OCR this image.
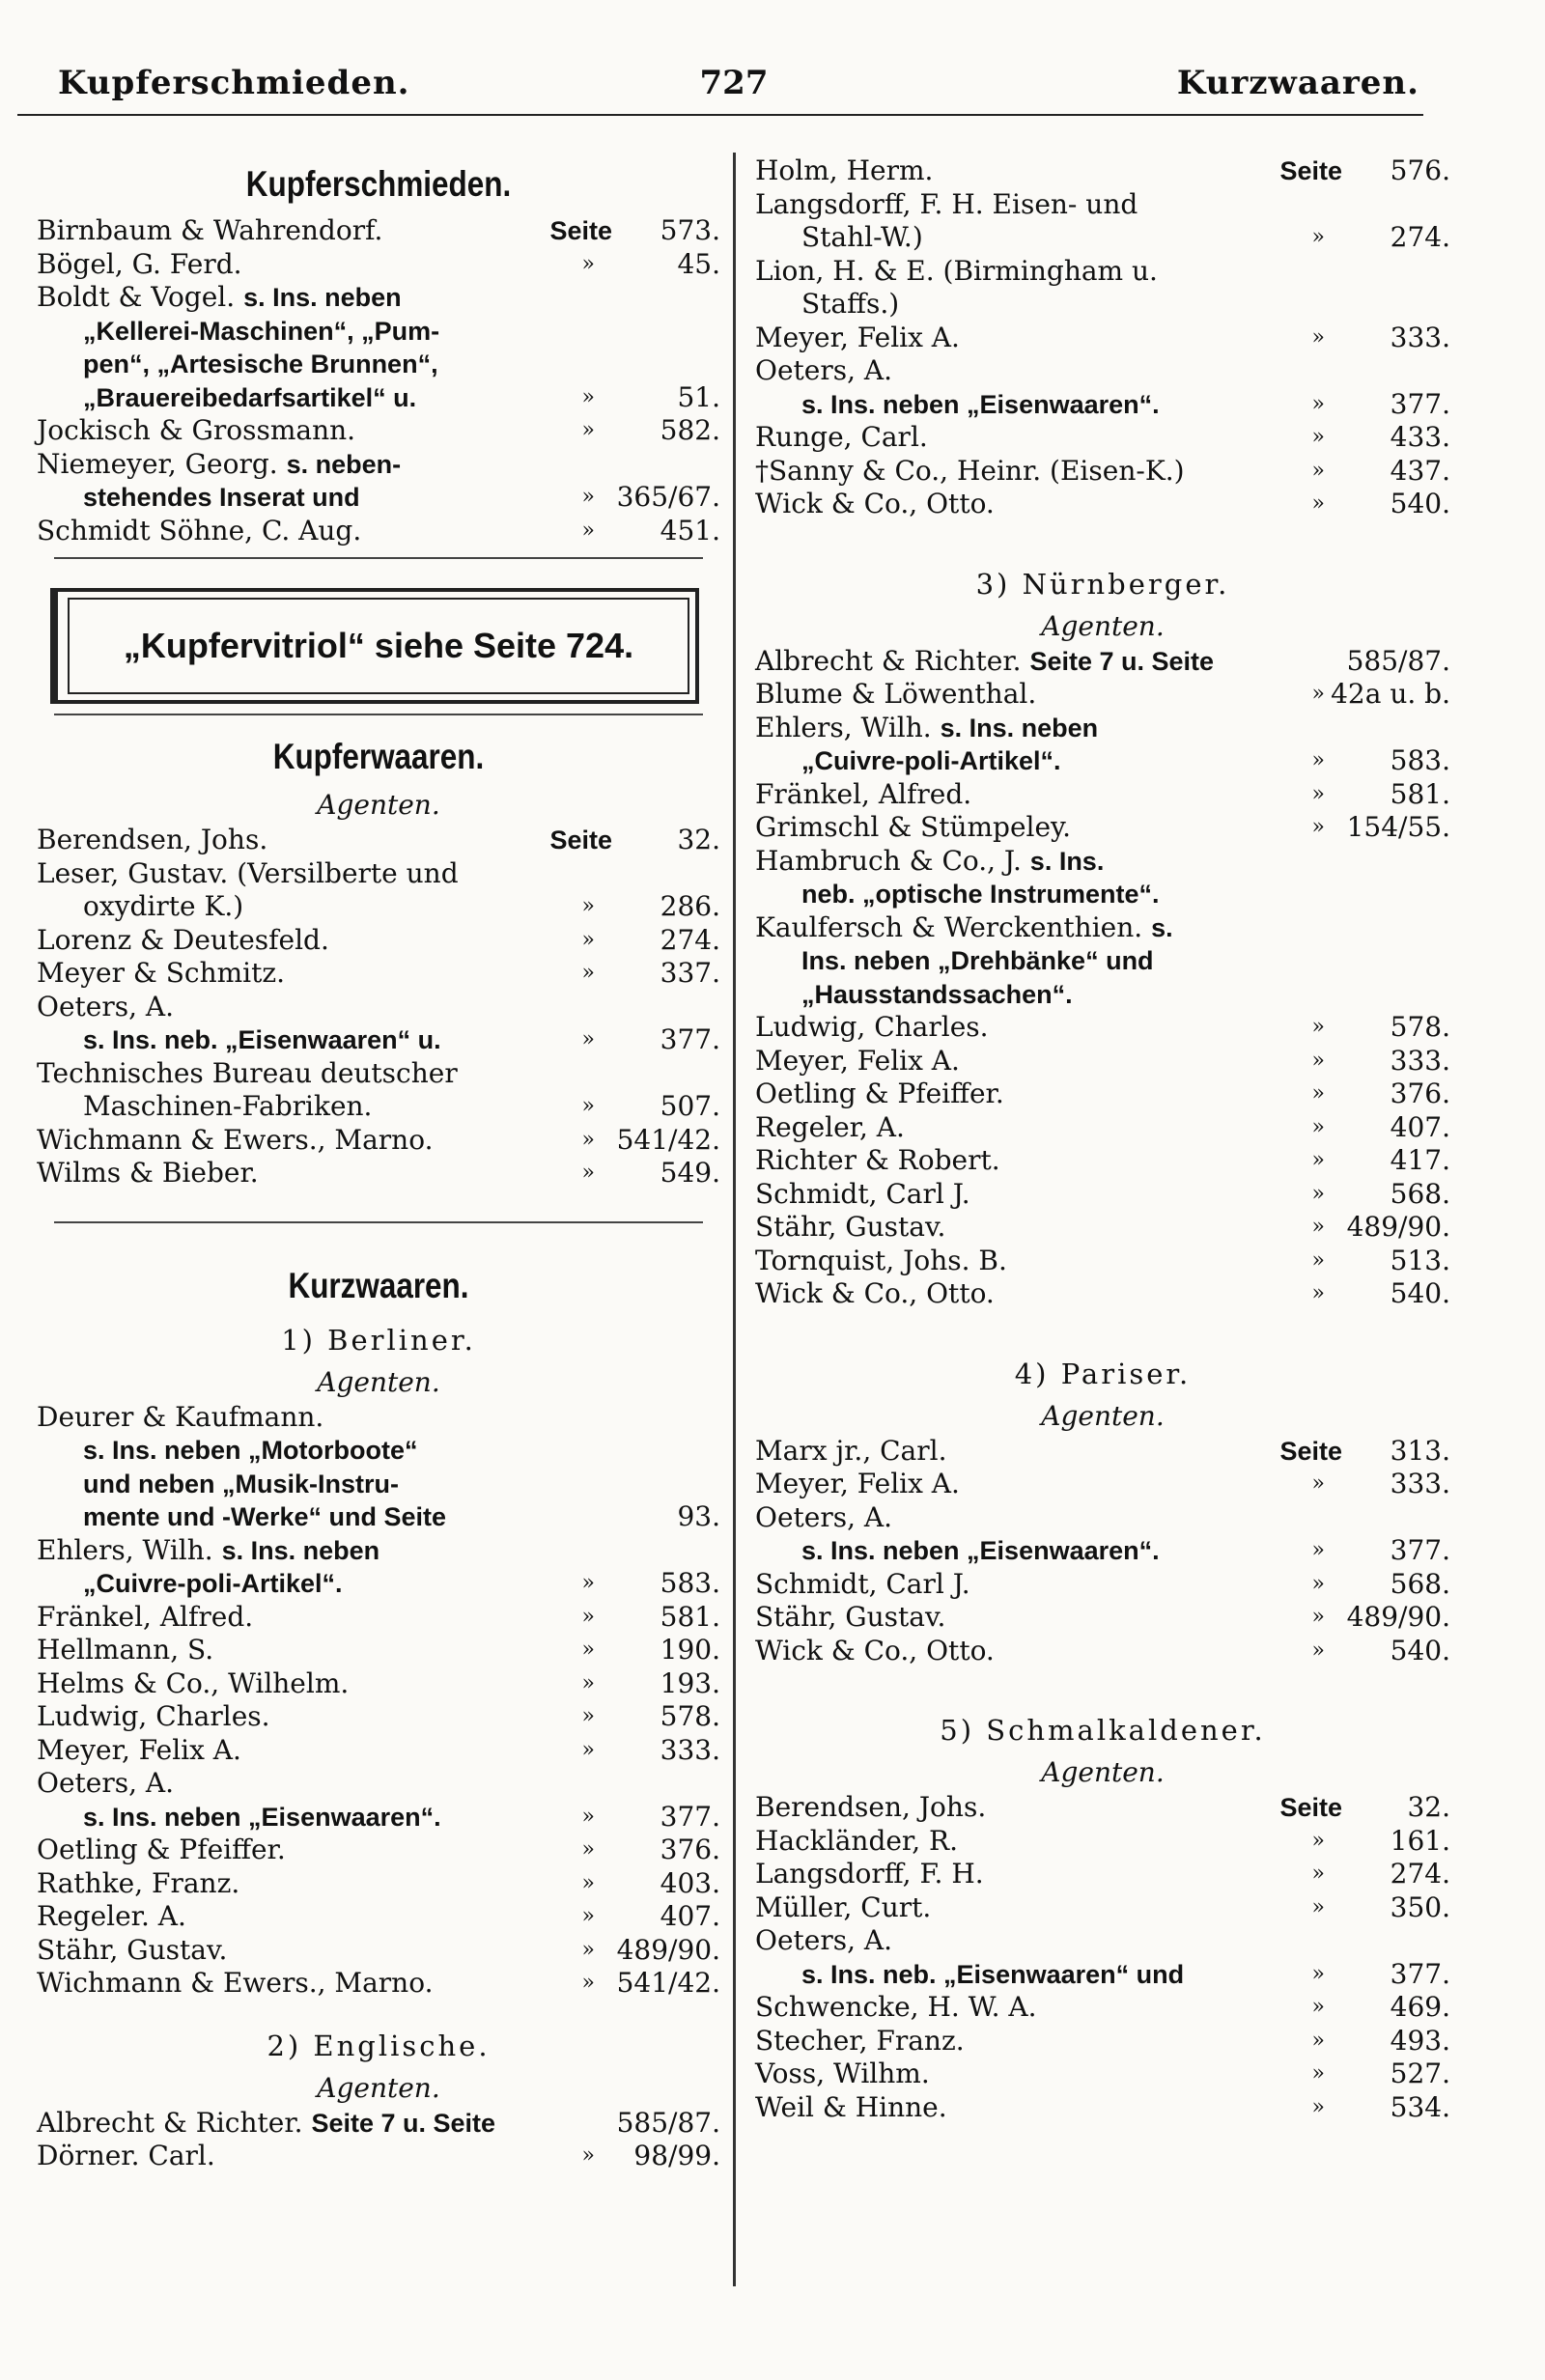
Kupferschmieden.	727	Kurzwaaren.
Kupferschmieden.
Birnbaum & Wahrendorf.	Seite 573.
Bögel, G. Ferd.	»	45.
Boldt & Vogel. s. Ins. neben
„Kellerei-Maschinen“, „Pum-
pen“, „Artesische Brunnen“,
„Brauereibedarfsartikel“ u.	»	51.
Jockisch & Grossmann.	» 582.
Niemeyer, Georg. s. neben-
stehendes Inserat und	» 365/67.
Schmidt Söhne, C. Aug.	» 451.
„Kupfervitriol“ siehe Seite 724.
Kupferwaaren.
Agenten.
Berendsen, Johs.	Seite 32.
Leser, Gustav. (Versilberte und
oxydirte K.)	» 286.
Lorenz & Deutesfeld.	» 274.
Meyer & Schmitz.	» 337.
Oeters, A.
s. Ins. neb. „Eisenwaaren“ u.	» 377.
Technisches Bureau deutscher
Maschinen-Fabriken.	» 507.
Wichmann & Ewers., Marno.	» 541/42.
Wilms & Bieber.	» 549.
Kurzwaaren.
1) Berliner.
Agenten.
Deurer & Kaufmann.
s. Ins. neben „Motorboote“
und neben „Musik-Instru-
mente und -Werke“ und Seite	93.
Ehlers, Wilh. s. Ins. neben
„Cuivre-poli-Artikel“.	» 583.
Fränkel, Alfred.	» 581.
Hellmann, S.	» 190.
Helms & Co., Wilhelm.	» 193.
Ludwig, Charles.	» 578.
Meyer, Felix A.	» 333.
Oeters, A.
s. Ins. neben „Eisenwaaren“.	» 377.
Oetling & Pfeiffer.	» 376.
Rathke, Franz.	» 403.
Regeler. A.	» 407.
Stähr, Gustav.	» 489/90.
Wichmann & Ewers., Marno.	» 541/42.
2) Englische.
Agenten.
Albrecht & Richter. Seite 7 u. Seite	585/87.
Dörner. Carl.	» 98/99.
Holm, Herm.	Seite 576.
Langsdorff, F. H. Eisen- und
Stahl-W.)	» 274.
Lion, H. & E. (Birmingham u.
Staffs.)
Meyer, Felix A.	» 333.
Oeters, A.
s. Ins. neben „Eisenwaaren“.	» 377.
Runge, Carl.	» 433.
†Sanny & Co., Heinr. (Eisen-K.)	» 437.
Wick & Co., Otto.	» 540.
3) Nürnberger.
Agenten.
Albrecht & Richter. Seite 7 u. Seite	585/87.
Blume & Löwenthal.	» 42a u. b.
Ehlers, Wilh. s. Ins. neben
„Cuivre-poli-Artikel“.	» 583.
Fränkel, Alfred.	» 581.
Grimschl & Stümpeley.	» 154/55.
Hambruch & Co., J. s. Ins.
neb. „optische Instrumente“.
Kaulfersch & Werckenthien. s.
Ins. neben „Drehbänke“ und
„Hausstandssachen“.
Ludwig, Charles.	» 578.
Meyer, Felix A.	» 333.
Oetling & Pfeiffer.	» 376.
Regeler, A.	» 407.
Richter & Robert.	» 417.
Schmidt, Carl J.	» 568.
Stähr, Gustav.	» 489/90.
Tornquist, Johs. B.	» 513.
Wick & Co., Otto.	» 540.
4) Pariser.
Agenten.
Marx jr., Carl.	Seite 313.
Meyer, Felix A.	» 333.
Oeters, A.
s. Ins. neben „Eisenwaaren“.	» 377.
Schmidt, Carl J.	» 568.
Stähr, Gustav.	» 489/90.
Wick & Co., Otto.	» 540.
5) Schmalkaldener.
Agenten.
Berendsen, Johs.	Seite 32.
Hackländer, R.	» 161.
Langsdorff, F. H.	» 274.
Müller, Curt.	» 350.
Oeters, A.
s. Ins. neb. „Eisenwaaren“ und	» 377.
Schwencke, H. W. A.	» 469.
Stecher, Franz.	» 493.
Voss, Wilhm.	» 527.
Weil & Hinne.	» 534.
